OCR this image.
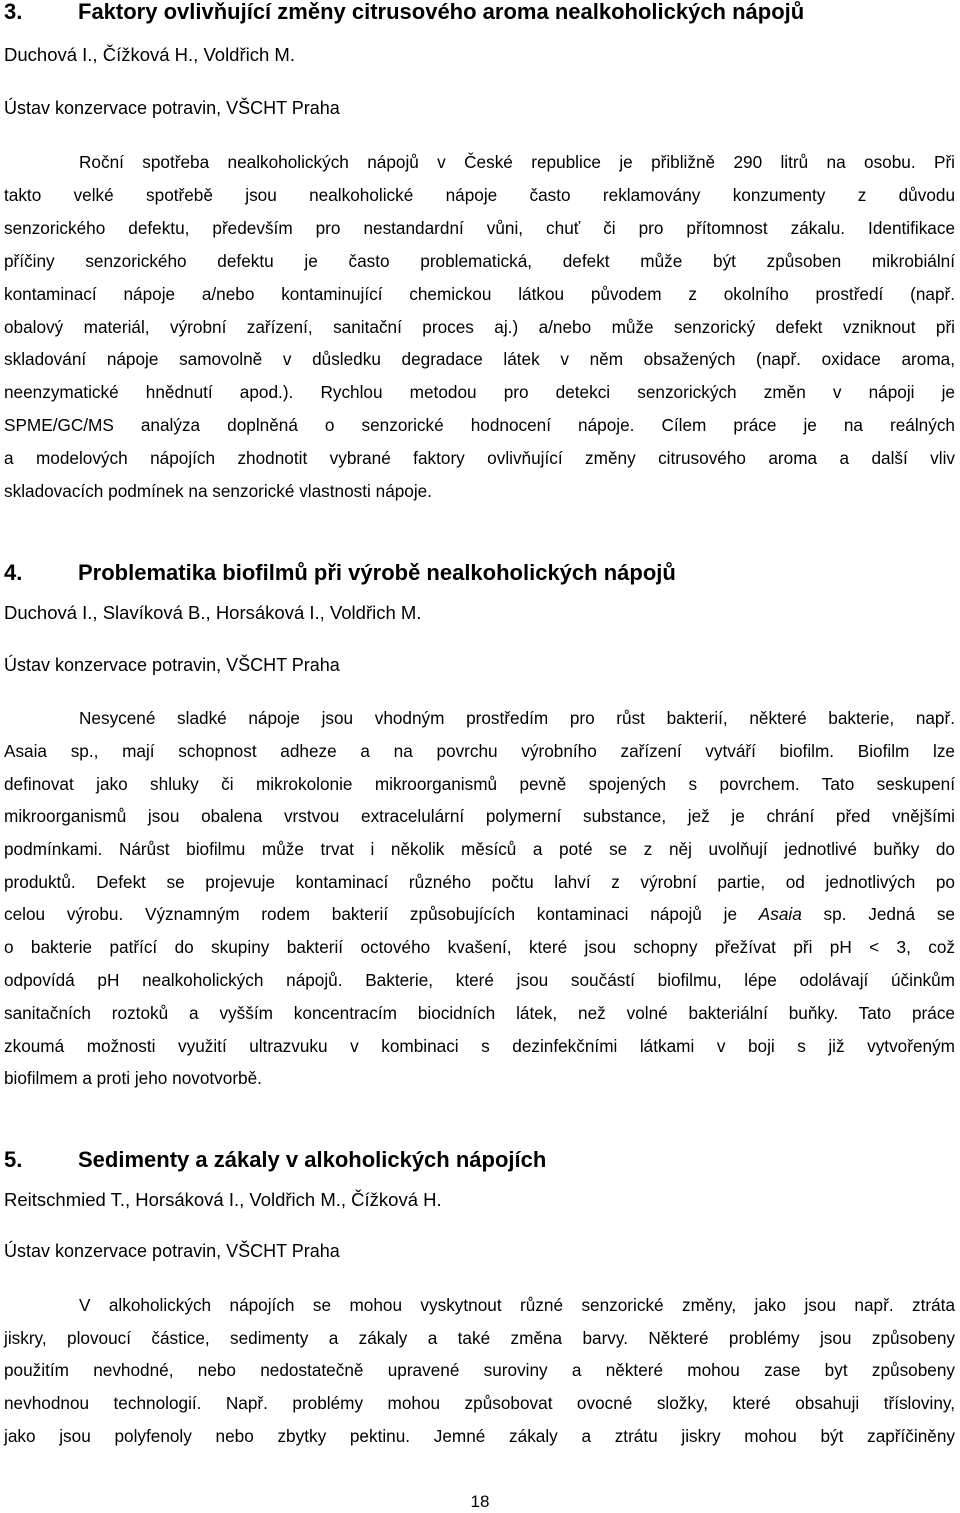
3.	Faktory ovlivňující změny citrusového aroma nealkoholických nápojů
Duchová I., Čížková H., Voldřich M.
Ústav konzervace potravin, VŠCHT Praha
Roční spotřeba nealkoholických nápojů v České republice je přibližně 290 litrů na osobu. Při
takto velké spotřebě jsou nealkoholické nápoje často reklamovány konzumenty z důvodu
senzorického defektu, především pro nestandardní vůni, chuť či pro přítomnost zákalu. Identifikace
příčiny senzorického defektu je často problematická, defekt může být způsoben mikrobiální
kontaminací nápoje a/nebo kontaminující chemickou látkou původem z okolního prostředí (např.
obalový materiál, výrobní zařízení, sanitační proces aj.) a/nebo může senzorický defekt vzniknout při
skladování nápoje samovolně v důsledku degradace látek v něm obsažených (např. oxidace aroma,
neenzymatické hnědnutí apod.). Rychlou metodou pro detekci senzorických změn v nápoji je
SPME/GC/MS analýza doplněná o senzorické hodnocení nápoje. Cílem práce je na reálných
a modelových nápojích zhodnotit vybrané faktory ovlivňující změny citrusového aroma a další vliv
skladovacích podmínek na senzorické vlastnosti nápoje.
4.	Problematika biofilmů při výrobě nealkoholických nápojů
Duchová I., Slavíková B., Horsáková I., Voldřich M.
Ústav konzervace potravin, VŠCHT Praha
Nesycené sladké nápoje jsou vhodným prostředím pro růst bakterií, některé bakterie, např.
Asaia sp., mají schopnost adheze a na povrchu výrobního zařízení vytváří biofilm. Biofilm lze
definovat jako shluky či mikrokolonie mikroorganismů pevně spojených s povrchem. Tato seskupení
mikroorganismů jsou obalena vrstvou extracelulární polymerní substance, jež je chrání před vnějšími
podmínkami. Nárůst biofilmu může trvat i několik měsíců a poté se z něj uvolňují jednotlivé buňky do
produktů. Defekt se projevuje kontaminací různého počtu lahví z výrobní partie, od jednotlivých po
celou výrobu. Významným rodem bakterií způsobujících kontaminaci nápojů je Asaia sp. Jedná se
o bakterie patřící do skupiny bakterií octového kvašení, které jsou schopny přežívat při pH < 3, což
odpovídá pH nealkoholických nápojů. Bakterie, které jsou součástí biofilmu, lépe odolávají účinkům
sanitačních roztoků a vyšším koncentracím biocidních látek, než volné bakteriální buňky. Tato práce
zkoumá možnosti využití ultrazvuku v kombinaci s dezinfekčními látkami v boji s již vytvořeným
biofilmem a proti jeho novotvorbě.
5.	Sedimenty a zákaly v alkoholických nápojích
Reitschmied T., Horsáková I., Voldřich M., Čížková H.
Ústav konzervace potravin, VŠCHT Praha
V alkoholických nápojích se mohou vyskytnout různé senzorické změny, jako jsou např. ztráta
jiskry, plovoucí částice, sedimenty a zákaly a také změna barvy. Některé problémy jsou způsobeny
použitím nevhodné, nebo nedostatečně upravené suroviny a některé mohou zase byt způsobeny
nevhodnou technologií. Např. problémy mohou způsobovat ovocné složky, které obsahuji třísloviny,
jako jsou polyfenoly nebo zbytky pektinu. Jemné zákaly a ztrátu jiskry mohou být zapříčiněny
18
